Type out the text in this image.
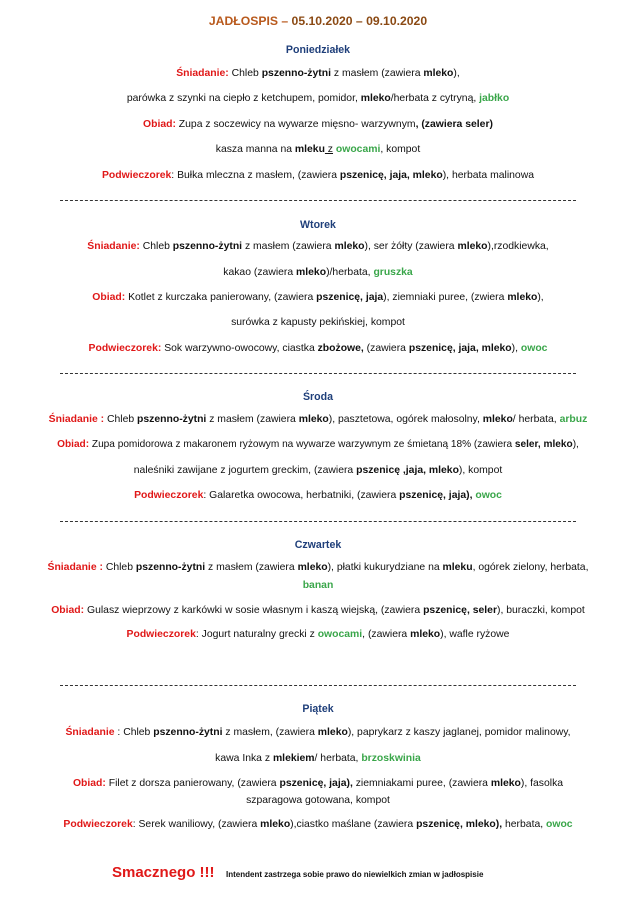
JADŁOSPIS – 05.10.2020 – 09.10.2020
Poniedziałek
Śniadanie: Chleb pszenno-żytni z masłem (zawiera mleko),
parówka z szynki na ciepło z ketchupem, pomidor, mleko/herbata z cytryną, jabłko
Obiad: Zupa z soczewicy na wywarze mięsno- warzywnym, (zawiera seler)
kasza manna na mleku z owocami, kompot
Podwieczorek: Bułka mleczna z masłem, (zawiera pszenicę, jaja, mleko), herbata malinowa
Wtorek
Śniadanie: Chleb pszenno-żytni z masłem (zawiera mleko), ser żółty (zawiera mleko),rzodkiewka,
kakao (zawiera mleko)/herbata, gruszka
Obiad: Kotlet z kurczaka panierowany, (zawiera pszenicę, jaja), ziemniaki puree, (zwiera mleko),
surówka z kapusty pekińskiej, kompot
Podwieczorek: Sok warzywno-owocowy, ciastka zbożowe, (zawiera pszenicę, jaja, mleko), owoc
Środa
Śniadanie : Chleb pszenno-żytni z masłem (zawiera mleko), pasztetowa, ogórek małosolny, mleko/ herbata, arbuz
Obiad: Zupa pomidorowa z makaronem ryżowym na wywarze warzywnym ze śmietaną 18% (zawiera seler, mleko),
naleśniki zawijane z jogurtem greckim, (zawiera pszenicę ,jaja, mleko), kompot
Podwieczorek: Galaretka owocowa, herbatniki, (zawiera pszenicę, jaja), owoc
Czwartek
Śniadanie : Chleb pszenno-żytni z masłem (zawiera mleko), płatki kukurydziane na mleku, ogórek zielony, herbata,
banan
Obiad: Gulasz wieprzowy z karkówki w sosie własnym i kaszą wiejską, (zawiera pszenicę, seler), buraczki, kompot
Podwieczorek: Jogurt naturalny grecki z owocami, (zawiera mleko), wafle ryżowe
Piątek
Śniadanie : Chleb pszenno-żytni z masłem, (zawiera mleko), paprykarz z kaszy jaglanej, pomidor malinowy,
kawa Inka z mlekiem/ herbata, brzoskwinia
Obiad: Filet z dorsza panierowany, (zawiera pszenicę, jaja), ziemniakami puree, (zawiera mleko), fasolka
szparagowa gotowana, kompot
Podwieczorek: Serek waniliowy, (zawiera mleko),ciastko maślane (zawiera pszenicę, mleko), herbata, owoc
Smacznego !!! Intendent zastrzega sobie prawo do niewielkich zmian w jadłospisie
